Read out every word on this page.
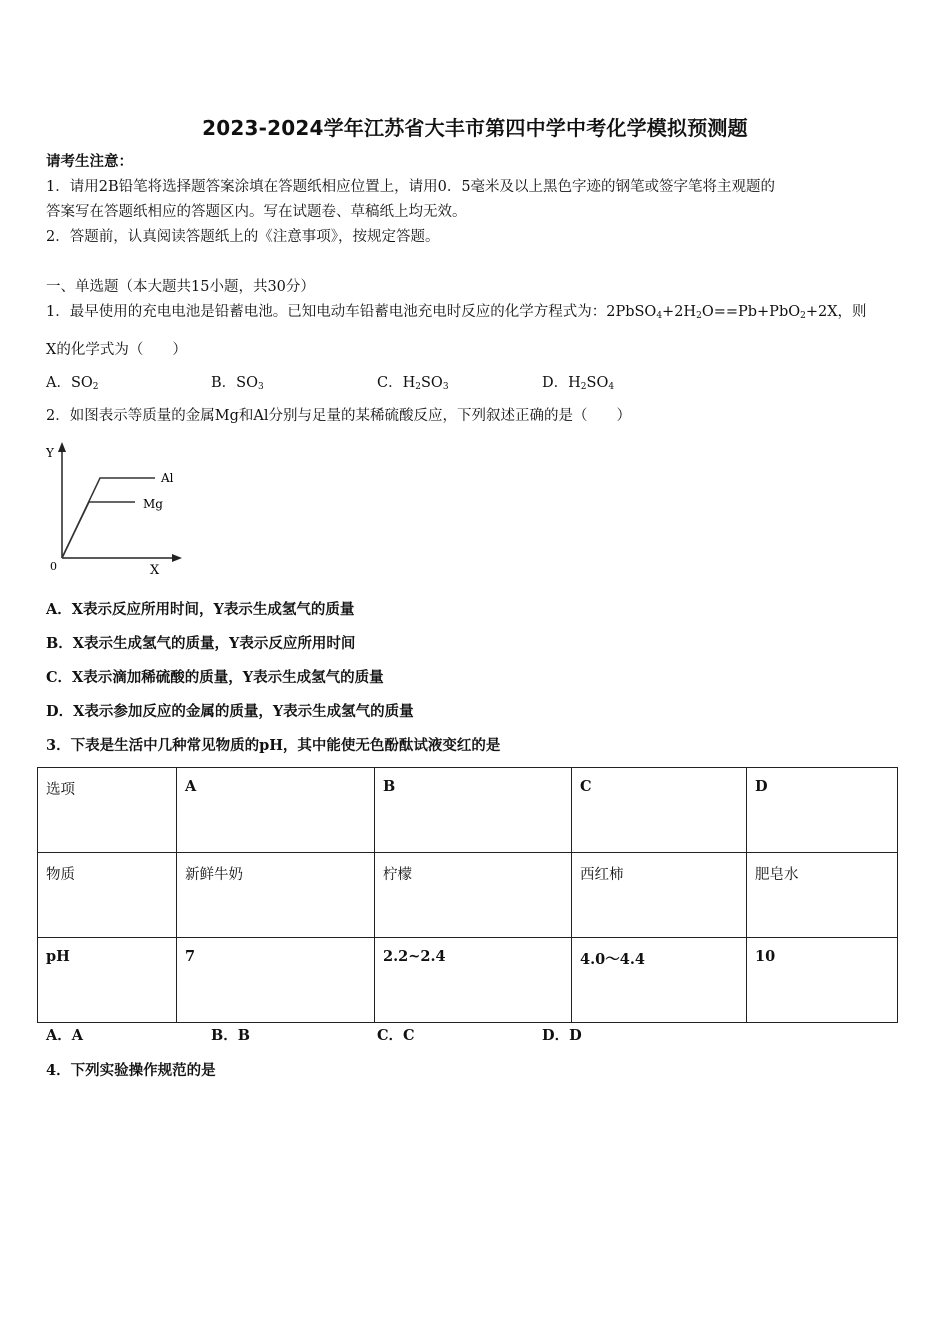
2023-2024学年江苏省大丰市第四中学中考化学模拟预测题
请考生注意：
1．请用2B铅笔将选择题答案涂填在答题纸相应位置上，请用0．5毫米及以上黑色字迹的钢笔或签字笔将主观题的
答案写在答题纸相应的答题区内。写在试题卷、草稿纸上均无效。
2．答题前，认真阅读答题纸上的《注意事项》，按规定答题。
一、单选题（本大题共15小题，共30分）
1．最早使用的充电电池是铅蓄电池。已知电动车铅蓄电池充电时反应的化学方程式为：$2PbSO_4+2H_2O==Pb+PbO_2+2X$，则
X的化学式为（　　）
A．$SO_2$	B．$SO_3$	C．$H_2SO_3$	D．$H_2SO_4$
2．如图表示等质量的金属Mg和Al分别与足量的某稀硫酸反应，下列叙述正确的是（　　）
Y
X
0
Al
Mg
A．X表示反应所用时间，Y表示生成氢气的质量
B．X表示生成氢气的质量，Y表示反应所用时间
C．X表示滴加稀硫酸的质量，Y表示生成氢气的质量
D．X表示参加反应的金属的质量，Y表示生成氢气的质量
3．下表是生活中几种常见物质的pH，其中能使无色酚酞试液变红的是
选项	A	B	C	D
物质	新鲜牛奶	柠檬	西红柿	肥皂水
pH	7	2.2~2.4	4.0～4.4	10
A．A	B．B	C．C	D．D
4．下列实验操作规范的是
